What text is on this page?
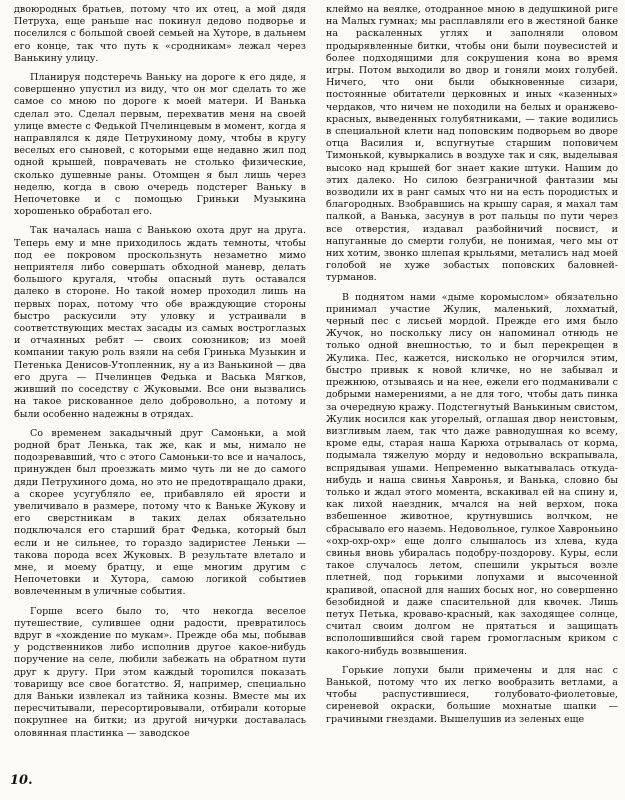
двоюродных братьев, потому что их отец, а мой дядя Петруха, еще раньше нас покинул дедово подворье и поселился с большой своей семьей на Хуторе, в дальнем его конце, так что путь к «сродникам» лежал через Ванькину улицу.

Планируя подстеречь Ваньку на дороге к его дяде, я совершенно упустил из виду, что он мог сделать то же самое со мною по дороге к моей матери. И Ванька сделал это. Сделал первым, перехватив меня на своей улице вместе с Федькой Пчелинцевым в момент, когда я направлялся к дяде Петрухиному дому, чтобы в кругу веселых его сыновей, с которыми еще недавно жил под одной крышей, поврачевать не столько физические, сколько душевные раны. Отомщен я был лишь через неделю, когда в свою очередь подстерег Ваньку в Непочетовке и с помощью Гриньки Музыкина хорошенько обработал его.

Так началась наша с Ванькою охота друг на друга. Теперь ему и мне приходилось ждать темноты, чтобы под ее покровом проскользнуть незаметно мимо неприятеля либо совершать обходной маневр, делать большого кругаля, чтобы опасный путь оставался далеко в стороне. Но такой номер проходил лишь на первых порах, потому что обе враждующие стороны быстро раскусили эту уловку и устраивали в соответствующих местах засады из самых востроглазых и отчаянных ребят — своих союзников; из моей компании такую роль взяли на себя Гринька Музыкин и Петенька Денисов-Утопленник, ну а из Ванькиной — два его друга — Пчелинцев Федька и Васька Мягков, живший по соседству с Жуковыми. Все они вызвались на такое рискованное дело добровольно, а потому и были особенно надежны в отрядах.

Со временем закадычный друг Самоньки, а мой родной брат Ленька, так же, как и мы, нимало не подозревавший, что с этого Самоньки-то все и началось, принужден был проезжать мимо чуть ли не до самого дяди Петрухиного дома, но это не предотвращало драки, а скорее усугубляло ее, прибавляло ей ярости и увеличивало в размере, потому что к Ваньке Жукову и его сверстникам в таких делах обязательно подключался его старший брат Федька, который был если и не сильнее, то гораздо задиристее Леньки — такова порода всех Жуковых. В результате влетало и мне, и моему братцу, и еще многим другим с Непочетовки и Хутора, самою логикой событиев вовлеченным в уличные события.

Горше всего было то, что некогда веселое путешествие, сулившее одни радости, превратилось вдруг в «хождение по мукам». Прежде оба мы, побывав у родственников либо исполнив другое какое-нибудь поручение на селе, любили забежать на обратном пути друг к другу. При этом каждый торопился показать товарищу все свое богатство. Я, например, специально для Ваньки извлекал из тайника козны. Вместе мы их пересчитывали, пересортировывали, отбирали которые покрупнее на битки; из другой ничурки доставалась оловянная пластинка — заводское

клеймо на веялке, отодранное мною в дедушкиной риге на Малых гумнах; мы расплавляли его в жестяной банке на раскаленных углях и заполняли оловом продырявленные битки, чтобы они были поувесистей и более подходящими для сокрушения кона во время игры. Потом выходили во двор и гоняли моих голубей. Ничего, что они были обыкновенные сизари, постоянные обитатели церковных и иных «казенных» чердаков, что ничем не походили на белых и оранжево-красных, выведенных голубятниками, — такие водились в специальной клети над поповским подворьем во дворе отца Василия и, вспугнутые старшим поповичем Тимонькой, кувыркались в воздухе так и сяк, выделывая высоко над крышей бог знает какие штуки. Нашим до этих далеко. Но силою безграничной фантазии мы возводили их в ранг самых что ни на есть породистых и благородных. Взобравшись на крышу сарая, я махал там палкой, а Ванька, засунув в рот пальцы по пути через все отверстия, издавал разбойничий посвист, и напуганные до смерти голуби, не понимая, чего мы от них хотим, звонко шлепая крыльями, металисъ над моей голобой не хуже зобастых поповских баловней-турманов.

В поднятом нами «дыме коромыслом» обязательно принимал участие Жулик, маленький, лохматый, черный пес с лисьей мордой. Прежде его имя было Жучок, но поскольку лису он напоминал отнюдь не только одной внешностью, то и был перекрещен в Жулика. Пес, кажется, нисколько не огорчился этим, быстро привык к новой кличке, но не забывал и прежнюю, отзываясь и на нее, ежели его подманивали с добрыми намерениями, а не для того, чтобы дать пинка за очередную кражу. Подстегнутый Ванькиным свистом, Жулик носился как угорелый, оглашая двор неистовым, визгливым лаем, так что даже равнодушная ко всему, кроме еды, старая наша Карюха отрывалась от корма, подымала тяжелую морду и недовольно вскрапывала, вспрядывая ушами. Непременно выкатывалась откуда-нибудь и наша свинья Хавронья, и Ванька, словно бы только и ждал этого момента, вскакивал ей на спину и, как лихой наездник, мчался на ней верхом, пока взбешенное животное, крутнувшись волчком, не сбрасывало его наземь. Недовольное, гулкое Хавроньино «охр-охр-охр» еще долго слышалось из хлева, куда свинья вновь убиралась подобру-поздорову. Куры, если такое случалось летом, спешили укрыться возле плетней, под горькими лопухами и высоченной крапивой, опасной для наших босых ног, но совершенно безобидной и даже спасительной для квочек. Лишь петух Петька, кроваво-красный, как заходящее солнце, считал своим долгом не прятаться и защищать всполошившийся свой гарем громогласным криком с какого-нибудь возвышения.

Горькие лопухи были примечены и для нас с Ванькой, потому что их легко вообразить ветлами, а чтобы распустившиеся, голубовато-фиолетовые, сиреневой окраски, большие мохнатые шапки — грачиными гнездами. Вышелушив из зеленых еще

10.
